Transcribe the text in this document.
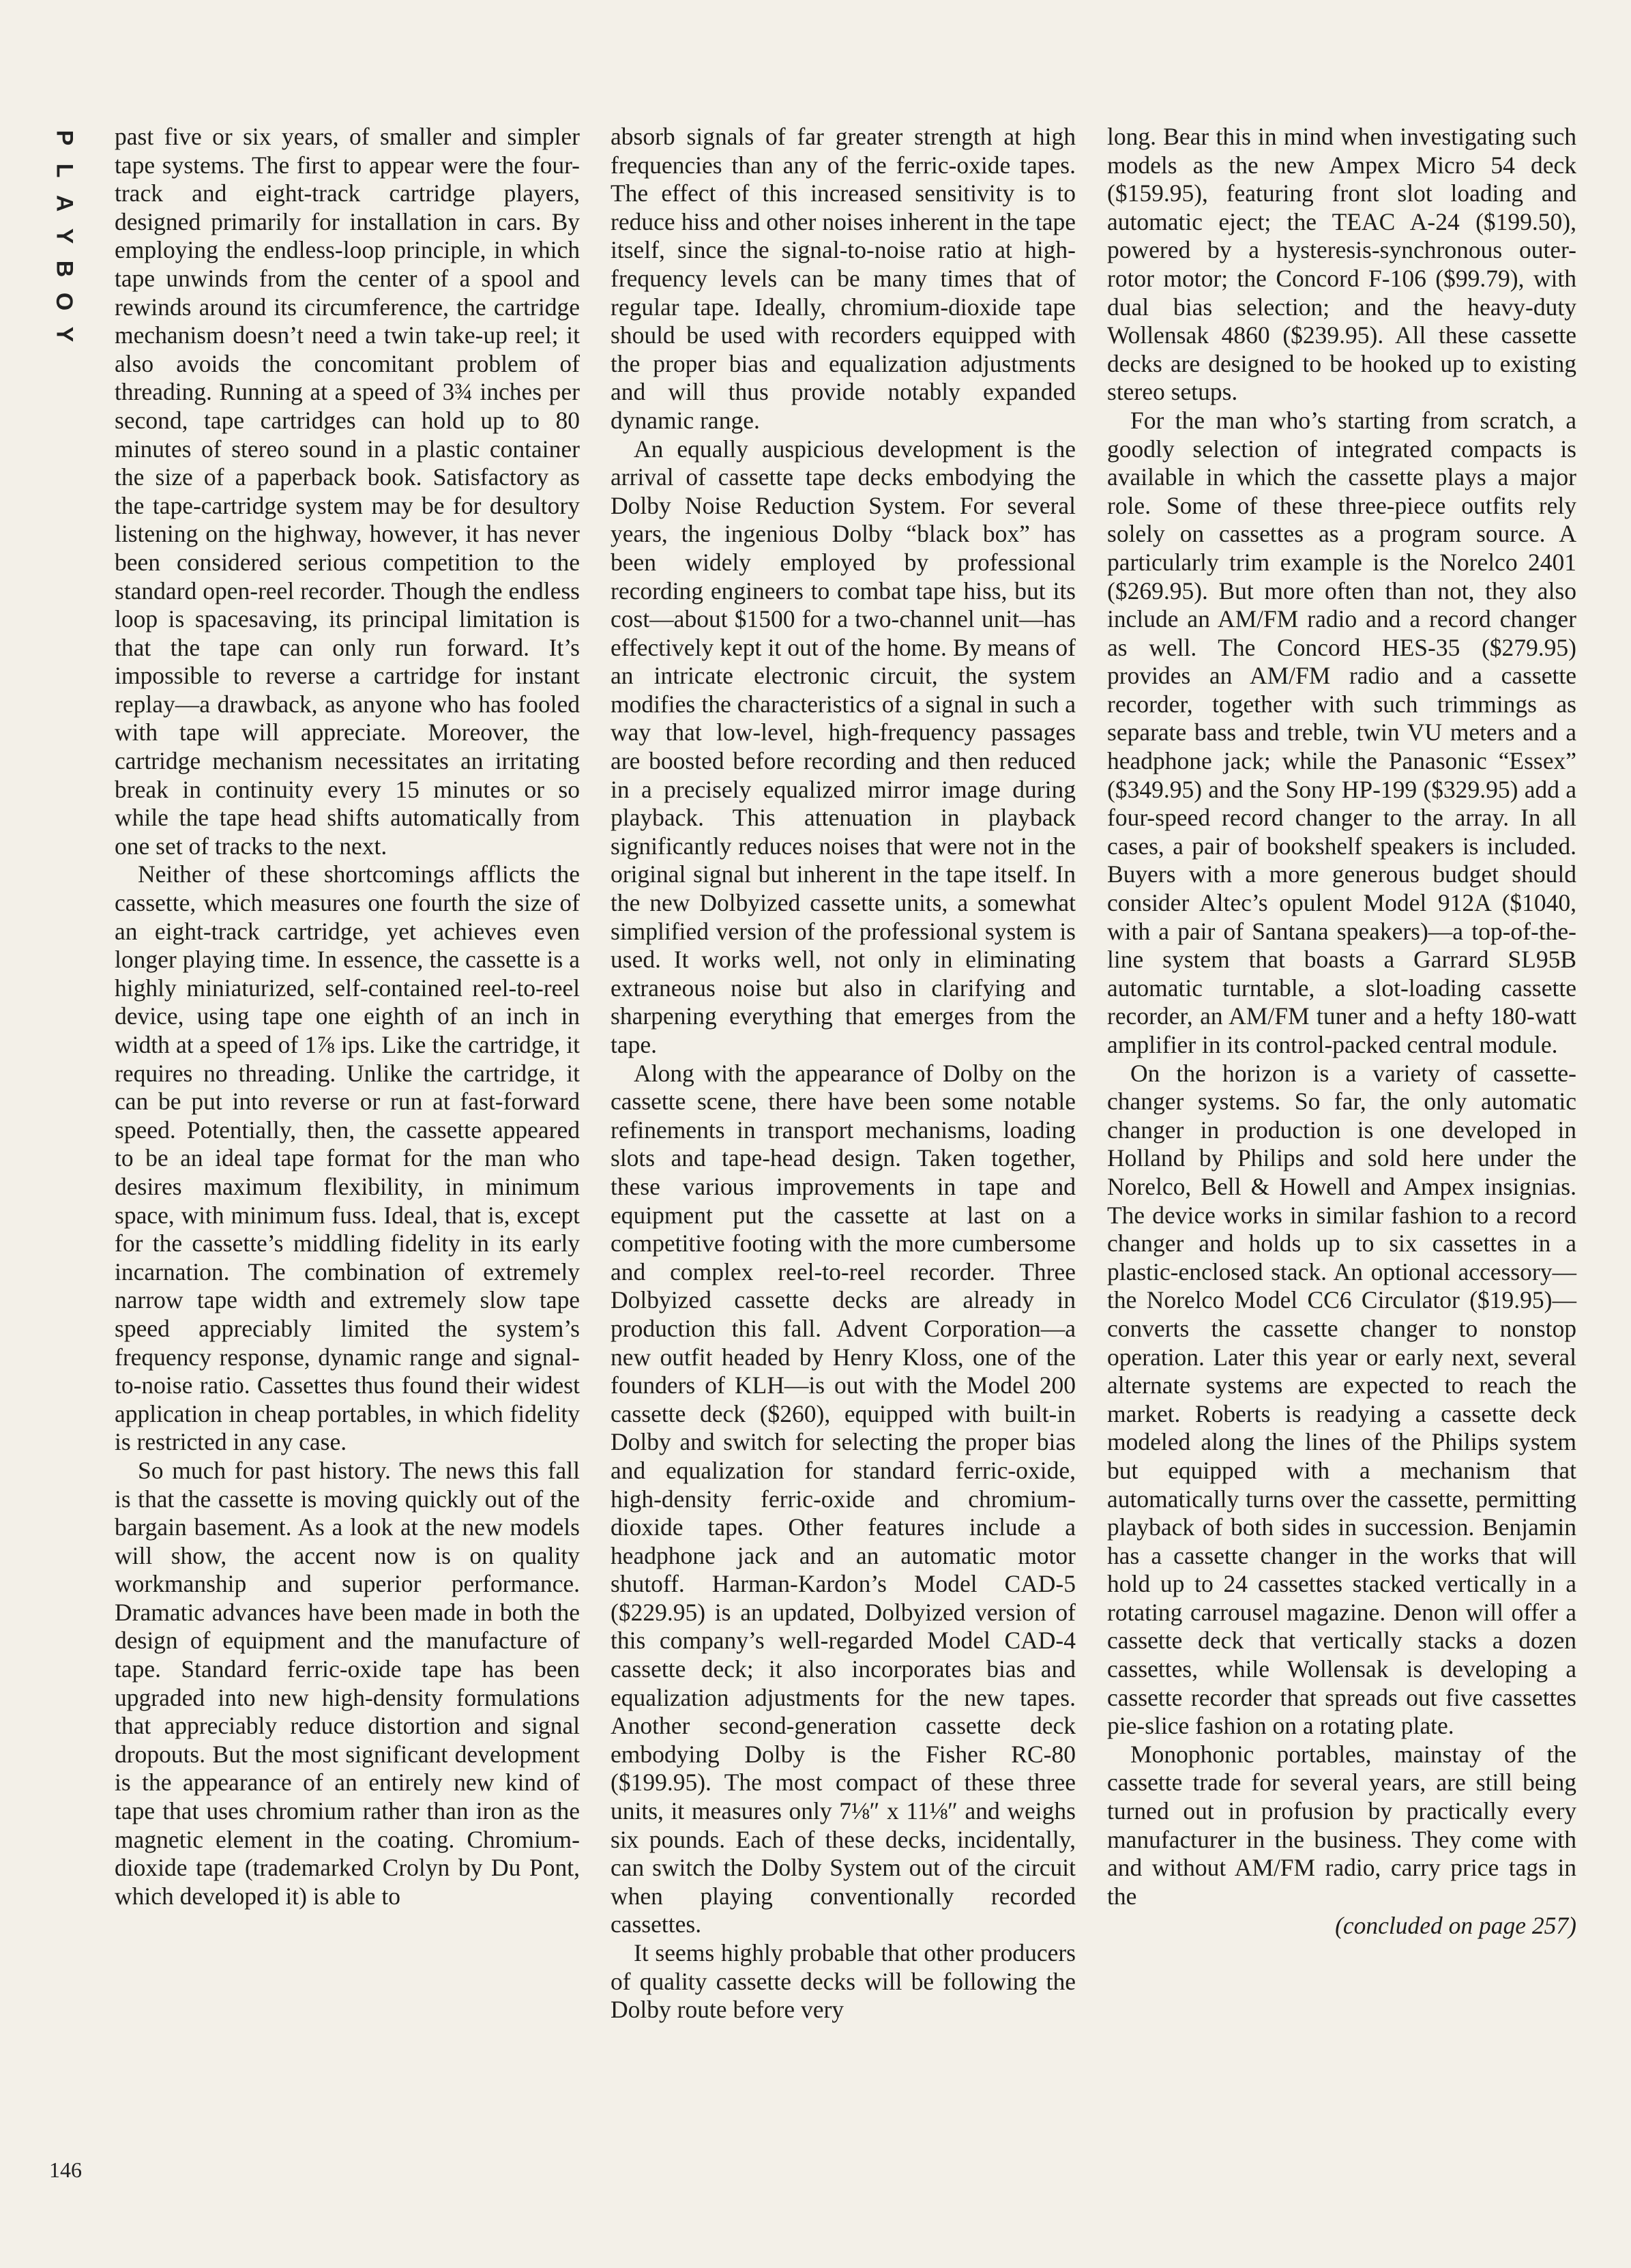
P
L
A
Y
B
O
Y

past five or six years, of smaller and simpler tape systems. The first to appear were the four-track and eight-track cartridge players, designed primarily for installation in cars. By employing the endless-loop principle, in which tape unwinds from the center of a spool and rewinds around its circumference, the cartridge mechanism doesn’t need a twin take-up reel; it also avoids the concomitant problem of threading. Running at a speed of 3¾ inches per second, tape cartridges can hold up to 80 minutes of stereo sound in a plastic container the size of a paperback book. Satisfactory as the tape-cartridge system may be for desultory listening on the highway, however, it has never been considered serious competition to the standard open-reel recorder. Though the endless loop is spacesaving, its principal limitation is that the tape can only run forward. It’s impossible to reverse a cartridge for instant replay—a drawback, as anyone who has fooled with tape will appreciate. Moreover, the cartridge mechanism necessitates an irritating break in continuity every 15 minutes or so while the tape head shifts automatically from one set of tracks to the next.

Neither of these shortcomings afflicts the cassette, which measures one fourth the size of an eight-track cartridge, yet achieves even longer playing time. In essence, the cassette is a highly miniaturized, self-contained reel-to-reel device, using tape one eighth of an inch in width at a speed of 1⅞ ips. Like the cartridge, it requires no threading. Unlike the cartridge, it can be put into reverse or run at fast-forward speed. Potentially, then, the cassette appeared to be an ideal tape format for the man who desires maximum flexibility, in minimum space, with minimum fuss. Ideal, that is, except for the cassette’s middling fidelity in its early incarnation. The combination of extremely narrow tape width and extremely slow tape speed appreciably limited the system’s frequency response, dynamic range and signal-to-noise ratio. Cassettes thus found their widest application in cheap portables, in which fidelity is restricted in any case.

So much for past history. The news this fall is that the cassette is moving quickly out of the bargain basement. As a look at the new models will show, the accent now is on quality workmanship and superior performance. Dramatic advances have been made in both the design of equipment and the manufacture of tape. Standard ferric-oxide tape has been upgraded into new high-density formulations that appreciably reduce distortion and signal dropouts. But the most significant development is the appearance of an entirely new kind of tape that uses chromium rather than iron as the magnetic element in the coating. Chromium-dioxide tape (trademarked Crolyn by Du Pont, which developed it) is able to

absorb signals of far greater strength at high frequencies than any of the ferric-oxide tapes. The effect of this increased sensitivity is to reduce hiss and other noises inherent in the tape itself, since the signal-to-noise ratio at high-frequency levels can be many times that of regular tape. Ideally, chromium-dioxide tape should be used with recorders equipped with the proper bias and equalization adjustments and will thus provide notably expanded dynamic range.

An equally auspicious development is the arrival of cassette tape decks embodying the Dolby Noise Reduction System. For several years, the ingenious Dolby “black box” has been widely employed by professional recording engineers to combat tape hiss, but its cost—about $1500 for a two-channel unit—has effectively kept it out of the home. By means of an intricate electronic circuit, the system modifies the characteristics of a signal in such a way that low-level, high-frequency passages are boosted before recording and then reduced in a precisely equalized mirror image during playback. This attenuation in playback significantly reduces noises that were not in the original signal but inherent in the tape itself. In the new Dolbyized cassette units, a somewhat simplified version of the professional system is used. It works well, not only in eliminating extraneous noise but also in clarifying and sharpening everything that emerges from the tape.

Along with the appearance of Dolby on the cassette scene, there have been some notable refinements in transport mechanisms, loading slots and tape-head design. Taken together, these various improvements in tape and equipment put the cassette at last on a competitive footing with the more cumbersome and complex reel-to-reel recorder. Three Dolbyized cassette decks are already in production this fall. Advent Corporation—a new outfit headed by Henry Kloss, one of the founders of KLH—is out with the Model 200 cassette deck ($260), equipped with built-in Dolby and switch for selecting the proper bias and equalization for standard ferric-oxide, high-density ferric-oxide and chromium-dioxide tapes. Other features include a headphone jack and an automatic motor shutoff. Harman-Kardon’s Model CAD-5 ($229.95) is an updated, Dolbyized version of this company’s well-regarded Model CAD-4 cassette deck; it also incorporates bias and equalization adjustments for the new tapes. Another second-generation cassette deck embodying Dolby is the Fisher RC-80 ($199.95). The most compact of these three units, it measures only 7⅛″ x 11⅛″ and weighs six pounds. Each of these decks, incidentally, can switch the Dolby System out of the circuit when playing conventionally recorded cassettes.

It seems highly probable that other producers of quality cassette decks will be following the Dolby route before very

long. Bear this in mind when investigating such models as the new Ampex Micro 54 deck ($159.95), featuring front slot loading and automatic eject; the TEAC A-24 ($199.50), powered by a hysteresis-synchronous outer-rotor motor; the Concord F-106 ($99.79), with dual bias selection; and the heavy-duty Wollensak 4860 ($239.95). All these cassette decks are designed to be hooked up to existing stereo setups.

For the man who’s starting from scratch, a goodly selection of integrated compacts is available in which the cassette plays a major role. Some of these three-piece outfits rely solely on cassettes as a program source. A particularly trim example is the Norelco 2401 ($269.95). But more often than not, they also include an AM/FM radio and a record changer as well. The Concord HES-35 ($279.95) provides an AM/FM radio and a cassette recorder, together with such trimmings as separate bass and treble, twin VU meters and a headphone jack; while the Panasonic “Essex” ($349.95) and the Sony HP-199 ($329.95) add a four-speed record changer to the array. In all cases, a pair of bookshelf speakers is included. Buyers with a more generous budget should consider Altec’s opulent Model 912A ($1040, with a pair of Santana speakers)—a top-of-the-line system that boasts a Garrard SL95B automatic turntable, a slot-loading cassette recorder, an AM/FM tuner and a hefty 180-watt amplifier in its control-packed central module.

On the horizon is a variety of cassette-changer systems. So far, the only automatic changer in production is one developed in Holland by Philips and sold here under the Norelco, Bell & Howell and Ampex insignias. The device works in similar fashion to a record changer and holds up to six cassettes in a plastic-enclosed stack. An optional accessory—the Norelco Model CC6 Circulator ($19.95)—converts the cassette changer to nonstop operation. Later this year or early next, several alternate systems are expected to reach the market. Roberts is readying a cassette deck modeled along the lines of the Philips system but equipped with a mechanism that automatically turns over the cassette, permitting playback of both sides in succession. Benjamin has a cassette changer in the works that will hold up to 24 cassettes stacked vertically in a rotating carrousel magazine. Denon will offer a cassette deck that vertically stacks a dozen cassettes, while Wollensak is developing a cassette recorder that spreads out five cassettes pie-slice fashion on a rotating plate.

Monophonic portables, mainstay of the cassette trade for several years, are still being turned out in profusion by practically every manufacturer in the business. They come with and without AM/FM radio, carry price tags in the

(concluded on page 257)
146
